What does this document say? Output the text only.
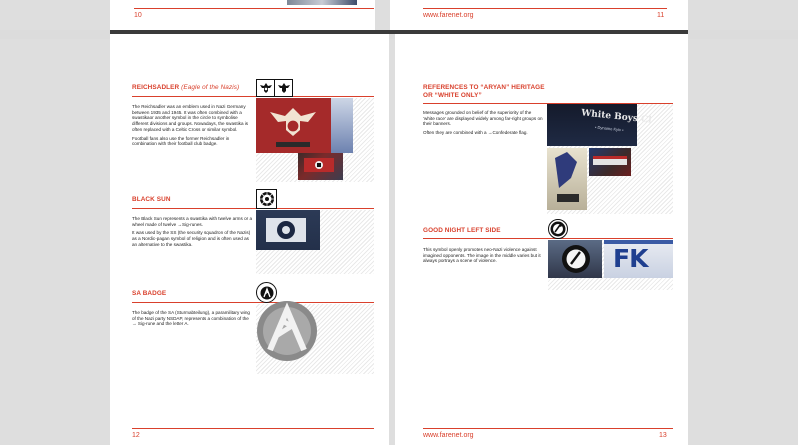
10	www.farenet.org	11
REICHSADLER (Eagle of the Nazis)

The Reichsadler was an emblem used in Nazi Germany between 1935 and 1945. It was often combined with a swastikaor another symbol in the circle to symbolise different divisions and groups. Nowadays, the swastika is often replaced with a Celtic Cross or similar symbol.

Football fans also use the former Reichsadler in combination with their football club badge.

BLACK SUN

The Black Sun represents a swastika with twelve arms or a wheel made of twelve →Sig-runes.

It was used by the SS (the security squadron of the Nazis) as a Nordic-pagan symbol of religion and is often used as an alternative to the swastika.

SA BADGE

The badge of the SA (Sturmabteilung), a paramilitary wing of the Nazi party NSDAP, represents a combination of the → Sig-rune and the letter A.

12
REFERENCES TO “ARYAN” HERITAGE
OR “WHITE ONLY”

Messages grounded on belief of the superiority of the ‘white race’ are displayed widely among far-right groups on their banners.

Often they are combined with a →Confederate flag.

White Boys Cl
• Dynamo Kyiv •
GOOD NIGHT LEFT SIDE

This symbol openly promotes neo-Nazi violence against imagined opponents. The image in the middle varies but it always portrays a scene of violence.	FK
www.farenet.org	13
